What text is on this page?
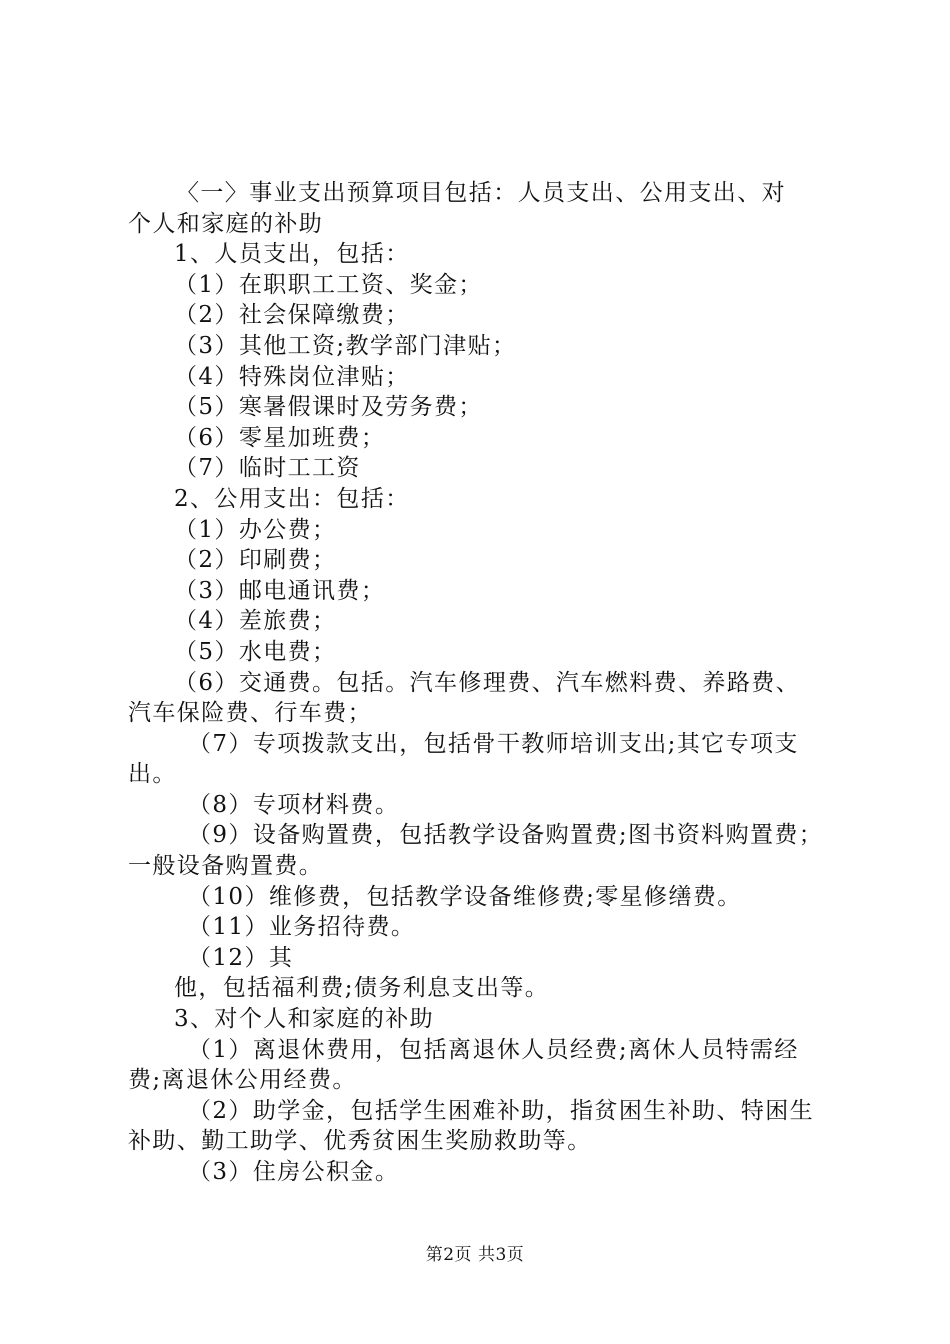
〈一〉事业支出预算项目包括：人员支出、公用支出、对
个人和家庭的补助
1、人员支出，包括：
（1）在职职工工资、奖金；
（2）社会保障缴费；
（3）其他工资;教学部门津贴；
（4）特殊岗位津贴；
（5）寒暑假课时及劳务费；
（6）零星加班费；
（7）临时工工资
2、公用支出：包括：
（1）办公费；
（2）印刷费；
（3）邮电通讯费；
（4）差旅费；
（5）水电费；
（6）交通费。包括。汽车修理费、汽车燃料费、养路费、
汽车保险费、行车费；
（7）专项拨款支出，包括骨干教师培训支出;其它专项支
出。
（8）专项材料费。
（9）设备购置费，包括教学设备购置费;图书资料购置费；
一般设备购置费。
（10）维修费，包括教学设备维修费;零星修缮费。
（11）业务招待费。
（12）其
他，包括福利费;债务利息支出等。
3、对个人和家庭的补助
（1）离退休费用，包括离退休人员经费;离休人员特需经
费;离退休公用经费。
（2）助学金，包括学生困难补助，指贫困生补助、特困生
补助、勤工助学、优秀贫困生奖励救助等。
（3）住房公积金。
第2页 共3页
